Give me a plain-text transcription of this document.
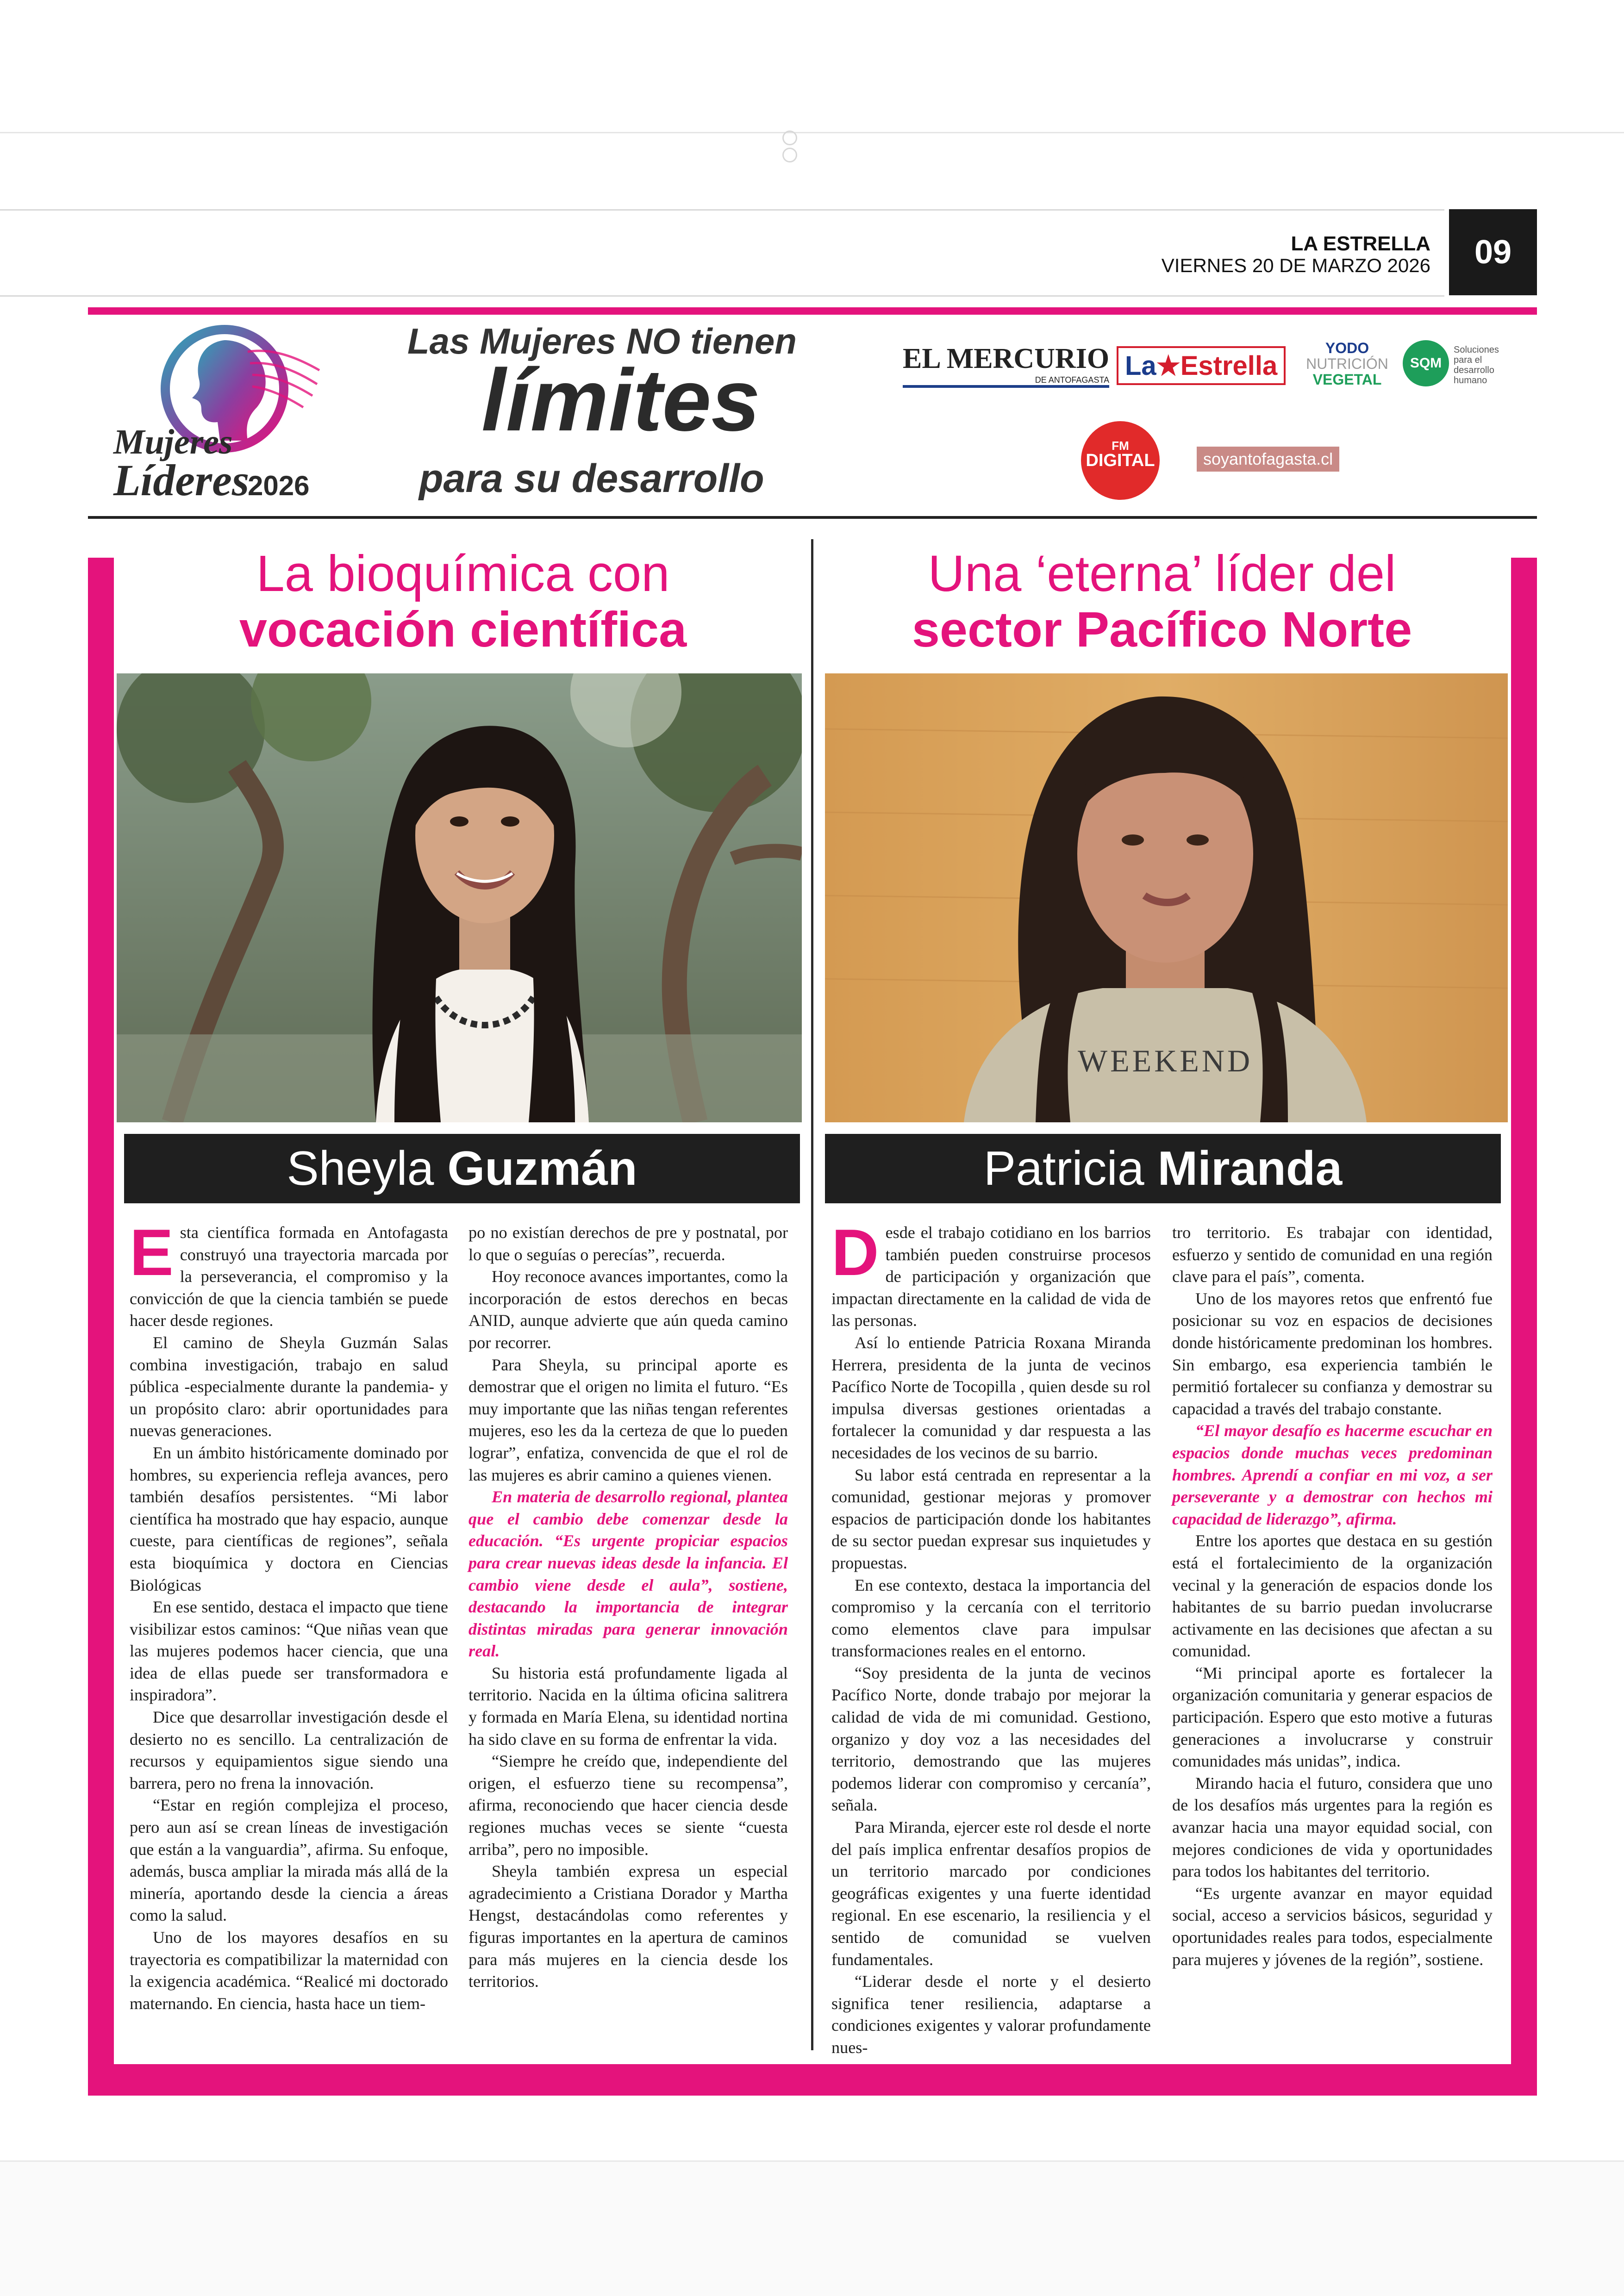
LA ESTRELLA
VIERNES 20 DE MARZO 2026	09
Mujeres
Líderes
2026
Las Mujeres NO tienen
límites
para su desarrollo
EL MERCURIO
DE ANTOFAGASTA La★Estrella
YODO
NUTRICIÓN
VEGETAL
SQM
Soluciones para el desarrollo humano
DIGITAL
FM
soyantofagasta.cl
La bioquímica con
vocación científica
Sheyla Guzmán
E sta científica formada en Antofagasta construyó una trayectoria marcada por la perseverancia, el compromiso y la convicción de que la ciencia también se puede hacer desde regiones.

El camino de Sheyla Guzmán Salas combina investigación, trabajo en salud pública -especialmente durante la pandemia- y un propósito claro: abrir oportunidades para nuevas generaciones.

En un ámbito históricamente dominado por hombres, su experiencia refleja avances, pero también desafíos persistentes. “Mi labor científica ha mostrado que hay espacio, aunque cueste, para científicas de regiones”, señala esta bioquímica y doctora en Ciencias Biológicas

En ese sentido, destaca el impacto que tiene visibilizar estos caminos: “Que niñas vean que las mujeres podemos hacer ciencia, que una idea de ellas puede ser transformadora e inspiradora”.

Dice que desarrollar investigación desde el desierto no es sencillo. La centralización de recursos y equipamientos sigue siendo una barrera, pero no frena la innovación.

“Estar en región complejiza el proceso, pero aun así se crean líneas de investigación que están a la vanguardia”, afirma. Su enfoque, además, busca ampliar la mirada más allá de la minería, aportando desde la ciencia a áreas como la salud.

Uno de los mayores desafíos en su trayectoria es compatibilizar la maternidad con la exigencia académica. “Realicé mi doctorado maternando. En ciencia, hasta hace un tiem-

po no existían derechos de pre y postnatal, por lo que o seguías o perecías”, recuerda.

Hoy reconoce avances importantes, como la incorporación de estos derechos en becas ANID, aunque advierte que aún queda camino por recorrer.

Para Sheyla, su principal aporte es demostrar que el origen no limita el futuro. “Es muy importante que las niñas tengan referentes mujeres, eso les da la certeza de que lo pueden lograr”, enfatiza, convencida de que el rol de las mujeres es abrir camino a quienes vienen.

En materia de desarrollo regional, plantea que el cambio debe comenzar desde la educación. “Es urgente propiciar espacios para crear nuevas ideas desde la infancia. El cambio viene desde el aula”, sostiene, destacando la importancia de integrar distintas miradas para generar innovación real.

Su historia está profundamente ligada al territorio. Nacida en la última oficina salitrera y formada en María Elena, su identidad nortina ha sido clave en su forma de enfrentar la vida.

“Siempre he creído que, independiente del origen, el esfuerzo tiene su recompensa”, afirma, reconociendo que hacer ciencia desde regiones muchas veces se siente “cuesta arriba”, pero no imposible.

Sheyla también expresa un especial agradecimiento a Cristiana Dorador y Martha Hengst, destacándolas como referentes y figuras importantes en la apertura de caminos para más mujeres en la ciencia desde los territorios.

Una ‘eterna’ líder del
sector Pacífico Norte
WEEKEND
Patricia Miranda
D esde el trabajo cotidiano en los barrios también pueden construirse procesos de participación y organización que impactan directamente en la calidad de vida de las personas.

Así lo entiende Patricia Roxana Miranda Herrera, presidenta de la junta de vecinos Pacífico Norte de Tocopilla , quien desde su rol impulsa diversas gestiones orientadas a fortalecer la comunidad y dar respuesta a las necesidades de los vecinos de su barrio.

Su labor está centrada en representar a la comunidad, gestionar mejoras y promover espacios de participación donde los habitantes de su sector puedan expresar sus inquietudes y propuestas.

En ese contexto, destaca la importancia del compromiso y la cercanía con el territorio como elementos clave para impulsar transformaciones reales en el entorno.

“Soy presidenta de la junta de vecinos Pacífico Norte, donde trabajo por mejorar la calidad de vida de mi comunidad. Gestiono, organizo y doy voz a las necesidades del territorio, demostrando que las mujeres podemos liderar con compromiso y cercanía”, señala.

Para Miranda, ejercer este rol desde el norte del país implica enfrentar desafíos propios de un territorio marcado por condiciones geográficas exigentes y una fuerte identidad regional. En ese escenario, la resiliencia y el sentido de comunidad se vuelven fundamentales.

“Liderar desde el norte y el desierto significa tener resiliencia, adaptarse a condiciones exigentes y valorar profundamente nues-

tro territorio. Es trabajar con identidad, esfuerzo y sentido de comunidad en una región clave para el país”, comenta.

Uno de los mayores retos que enfrentó fue posicionar su voz en espacios de decisiones donde históricamente predominan los hombres. Sin embargo, esa experiencia también le permitió fortalecer su confianza y demostrar su capacidad a través del trabajo constante.

“El mayor desafío es hacerme escuchar en espacios donde muchas veces predominan hombres. Aprendí a confiar en mi voz, a ser perseverante y a demostrar con hechos mi capacidad de liderazgo”, afirma.

Entre los aportes que destaca en su gestión está el fortalecimiento de la organización vecinal y la generación de espacios donde los habitantes de su barrio puedan involucrarse activamente en las decisiones que afectan a su comunidad.

“Mi principal aporte es fortalecer la organización comunitaria y generar espacios de participación. Espero que esto motive a futuras generaciones a involucrarse y construir comunidades más unidas”, indica.

Mirando hacia el futuro, considera que uno de los desafíos más urgentes para la región es avanzar hacia una mayor equidad social, con mejores condiciones de vida y oportunidades para todos los habitantes del territorio.

“Es urgente avanzar en mayor equidad social, acceso a servicios básicos, seguridad y oportunidades reales para todos, especialmente para mujeres y jóvenes de la región”, sostiene.
